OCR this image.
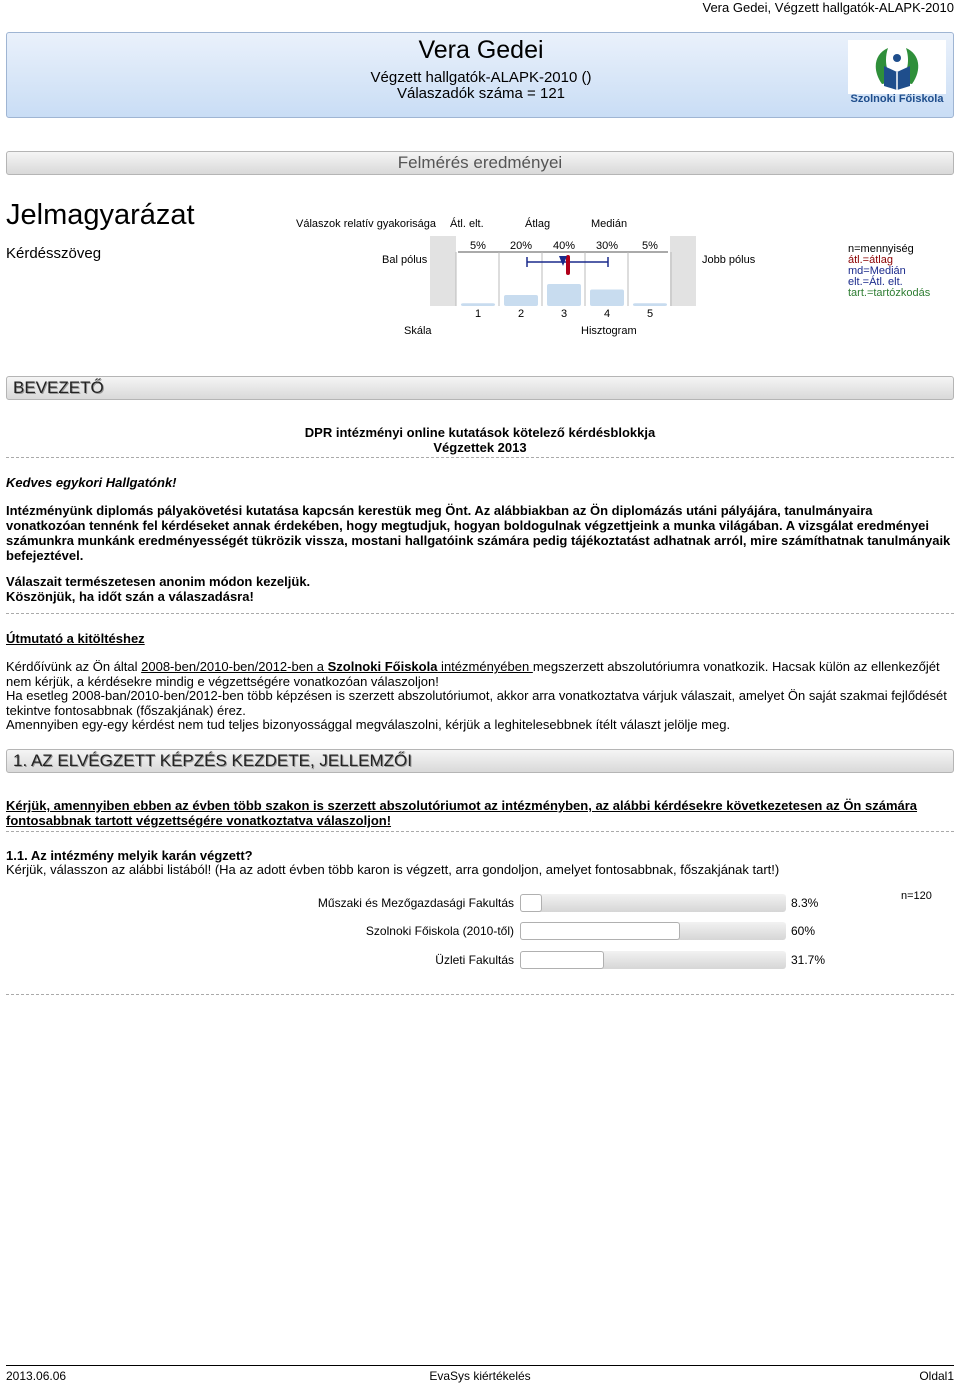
Vera Gedei, Végzett hallgatók-ALAPK-2010
Vera Gedei
Végzett hallgatók-ALAPK-2010 ()
Válaszadók száma = 121	Szolnoki Főiskola
Felmérés eredményei
Jelmagyarázat
Kérdésszöveg
Válaszok relatív gyakorisága Átl. elt.	Átlag	Medián
Bal pólus	Jobb pólus
5% 20% 40% 30% 5%
1	2	3	4	5
n=mennyiség
átl.=átlag
md=Medián
elt.=Átl. elt.
tart.=tartózkodás
Skála	Hisztogram
BEVEZETŐ
DPR intézményi online kutatások kötelező kérdésblokkja
Végzettek 2013
Kedves egykori Hallgatónk!
Intézményünk diplomás pályakövetési kutatása kapcsán kerestük meg Önt. Az alábbiakban az Ön diplomázás utáni pályájára, tanulmányaira vonatkozóan tennénk fel kérdéseket annak érdekében, hogy megtudjuk, hogyan boldogulnak végzettjeink a munka világában. A vizsgálat eredményei számunkra munkánk eredményességét tükrözik vissza, mostani hallgatóink számára pedig tájékoztatást adhatnak arról, mire számíthatnak tanulmányaik befejeztével.
Válaszait természetesen anonim módon kezeljük.
Köszönjük, ha időt szán a válaszadásra!
Útmutató a kitöltéshez
Kérdőívünk az Ön által 2008-ben/2010-ben/2012-ben a Szolnoki Főiskola intézményében megszerzett abszolutóriumra vonatkozik. Hacsak külön az ellenkezőjét nem kérjük, a kérdésekre mindig e végzettségére vonatkozóan válaszoljon!
Ha esetleg 2008-ban/2010-ben/2012-ben több képzésen is szerzett abszolutóriumot, akkor arra vonatkoztatva várjuk válaszait, amelyet Ön saját szakmai fejlődését tekintve fontosabbnak (főszakjának) érez.
Amennyiben egy-egy kérdést nem tud teljes bizonyossággal megválaszolni, kérjük a leghitelesebbnek ítélt választ jelölje meg.
1. AZ ELVÉGZETT KÉPZÉS KEZDETE, JELLEMZŐI
Kérjük, amennyiben ebben az évben több szakon is szerzett abszolutóriumot az intézményben, az alábbi kérdésekre következetesen az Ön számára fontosabbnak tartott végzettségére vonatkoztatva válaszoljon!
1.1. Az intézmény melyik karán végzett?
Kérjük, válasszon az alábbi listából! (Ha az adott évben több karon is végzett, arra gondoljon, amelyet fontosabbnak, főszakjának tart!)
n=120
Műszaki és Mezőgazdasági Fakultás	8.3%
Szolnoki Főiskola (2010-től)	60%
Üzleti Fakultás	31.7%
2013.06.06	EvaSys kiértékelés	Oldal1
